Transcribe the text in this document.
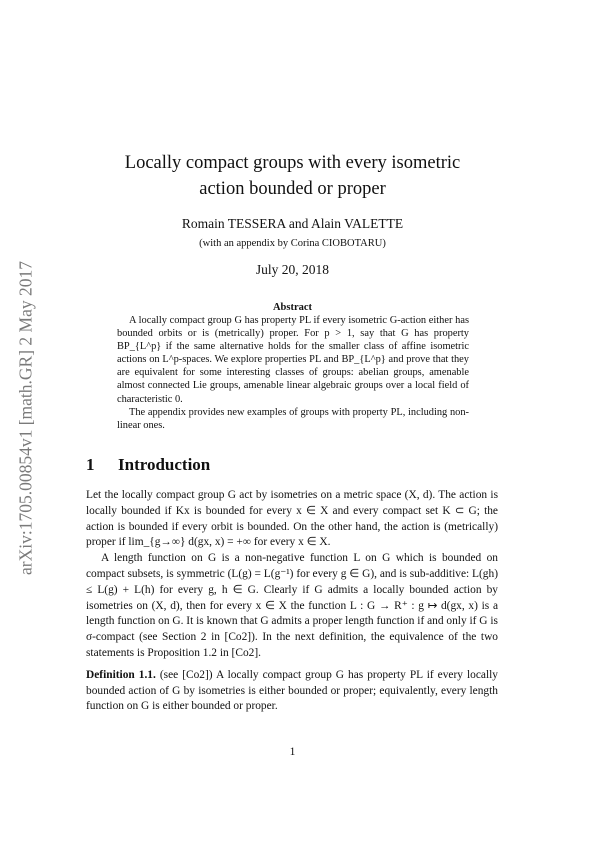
arXiv:1705.00854v1 [math.GR] 2 May 2017
Locally compact groups with every isometric
action bounded or proper
Romain TESSERA and Alain VALETTE
(with an appendix by Corina CIOBOTARU)
July 20, 2018
Abstract

A locally compact group G has property PL if every isometric G-action either has bounded orbits or is (metrically) proper. For p > 1, say that G has property BP_{L^p} if the same alternative holds for the smaller class of affine isometric actions on L^p-spaces. We explore properties PL and BP_{L^p} and prove that they are equivalent for some interesting classes of groups: abelian groups, amenable almost connected Lie groups, amenable linear algebraic groups over a local field of characteristic 0.

The appendix provides new examples of groups with property PL, including non-linear ones.

1 Introduction

Let the locally compact group G act by isometries on a metric space (X, d). The action is locally bounded if Kx is bounded for every x ∈ X and every compact set K ⊂ G; the action is bounded if every orbit is bounded. On the other hand, the action is (metrically) proper if lim_{g→∞} d(gx, x) = +∞ for every x ∈ X.

A length function on G is a non-negative function L on G which is bounded on compact subsets, is symmetric (L(g) = L(g⁻¹) for every g ∈ G), and is sub-additive: L(gh) ≤ L(g) + L(h) for every g, h ∈ G. Clearly if G admits a locally bounded action by isometries on (X, d), then for every x ∈ X the function L : G → R⁺ : g ↦ d(gx, x) is a length function on G. It is known that G admits a proper length function if and only if G is σ-compact (see Section 2 in [Co2]). In the next definition, the equivalence of the two statements is Proposition 1.2 in [Co2].

Definition 1.1. (see [Co2]) A locally compact group G has property PL if every locally bounded action of G by isometries is either bounded or proper; equivalently, every length function on G is either bounded or proper.

1
